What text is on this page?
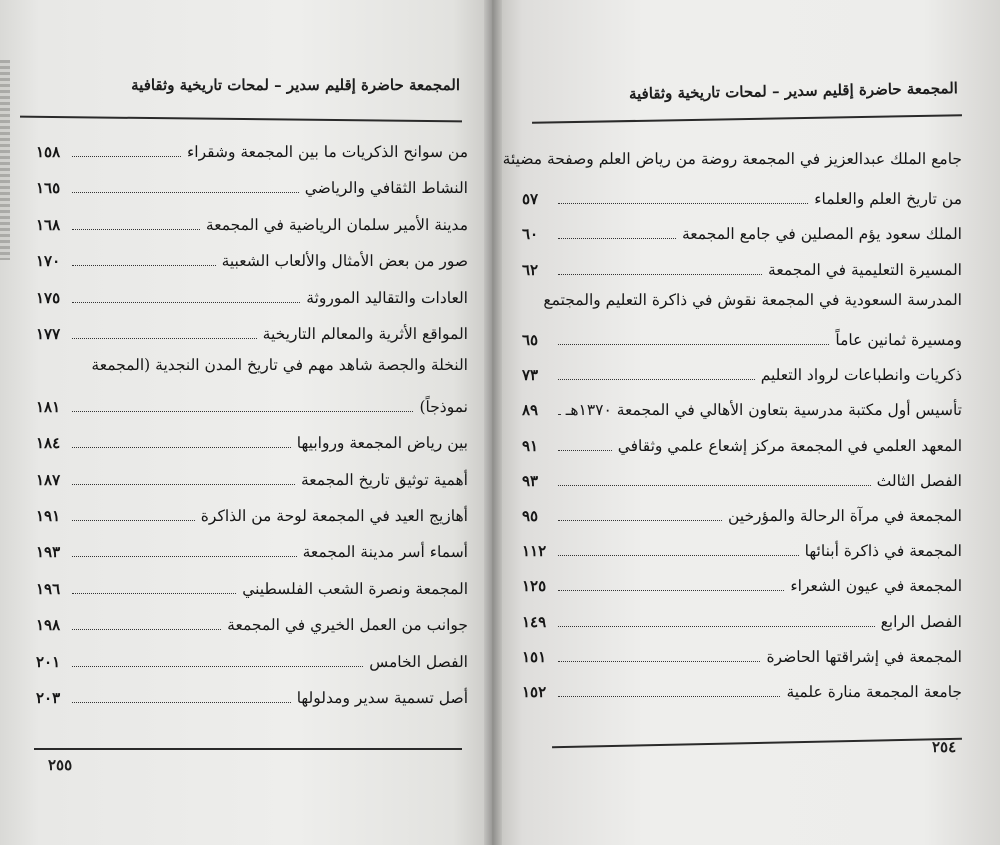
المجمعة حاضرة إقليم سدير – لمحات تاريخية وثقافية
من سوانح الذكريات ما بين المجمعة وشقراء
١٥٨
النشاط الثقافي والرياضي
١٦٥
مدينة الأمير سلمان الرياضية في المجمعة
١٦٨
صور من بعض الأمثال والألعاب الشعبية
١٧٠
العادات والتقاليد الموروثة
١٧٥
المواقع الأثرية والمعالم التاريخية
١٧٧
النخلة والجصة شاهد مهم في تاريخ المدن النجدية (المجمعة
نموذجاً)
١٨١
بين رياض المجمعة وروابيها
١٨٤
أهمية توثيق تاريخ المجمعة
١٨٧
أهازيج العيد في المجمعة لوحة من الذاكرة
١٩١
أسماء أسر مدينة المجمعة
١٩٣
المجمعة ونصرة الشعب الفلسطيني
١٩٦
جوانب من العمل الخيري في المجمعة
١٩٨
الفصل الخامس
٢٠١
أصل تسمية سدير ومدلولها
٢٠٣
٢٥٥
المجمعة حاضرة إقليم سدير – لمحات تاريخية وثقافية
جامع الملك عبدالعزيز في المجمعة روضة من رياض العلم وصفحة مضيئة
من تاريخ العلم والعلماء
٥٧
الملك سعود يؤم المصلين في جامع المجمعة
٦٠
المسيرة التعليمية في المجمعة
٦٢
المدرسة السعودية في المجمعة نقوش في ذاكرة التعليم والمجتمع
ومسيرة ثمانين عاماً
٦٥
ذكريات وانطباعات لرواد التعليم
٧٣
تأسيس أول مكتبة مدرسية بتعاون الأهالي في المجمعة ١٣٧٠هـ
٨٩
المعهد العلمي في المجمعة مركز إشعاع علمي وثقافي
٩١
الفصل الثالث
٩٣
المجمعة في مرآة الرحالة والمؤرخين
٩٥
المجمعة في ذاكرة أبنائها
١١٢
المجمعة في عيون الشعراء
١٢٥
الفصل الرابع
١٤٩
المجمعة في إشراقتها الحاضرة
١٥١
جامعة المجمعة منارة علمية
١٥٢
٢٥٤
